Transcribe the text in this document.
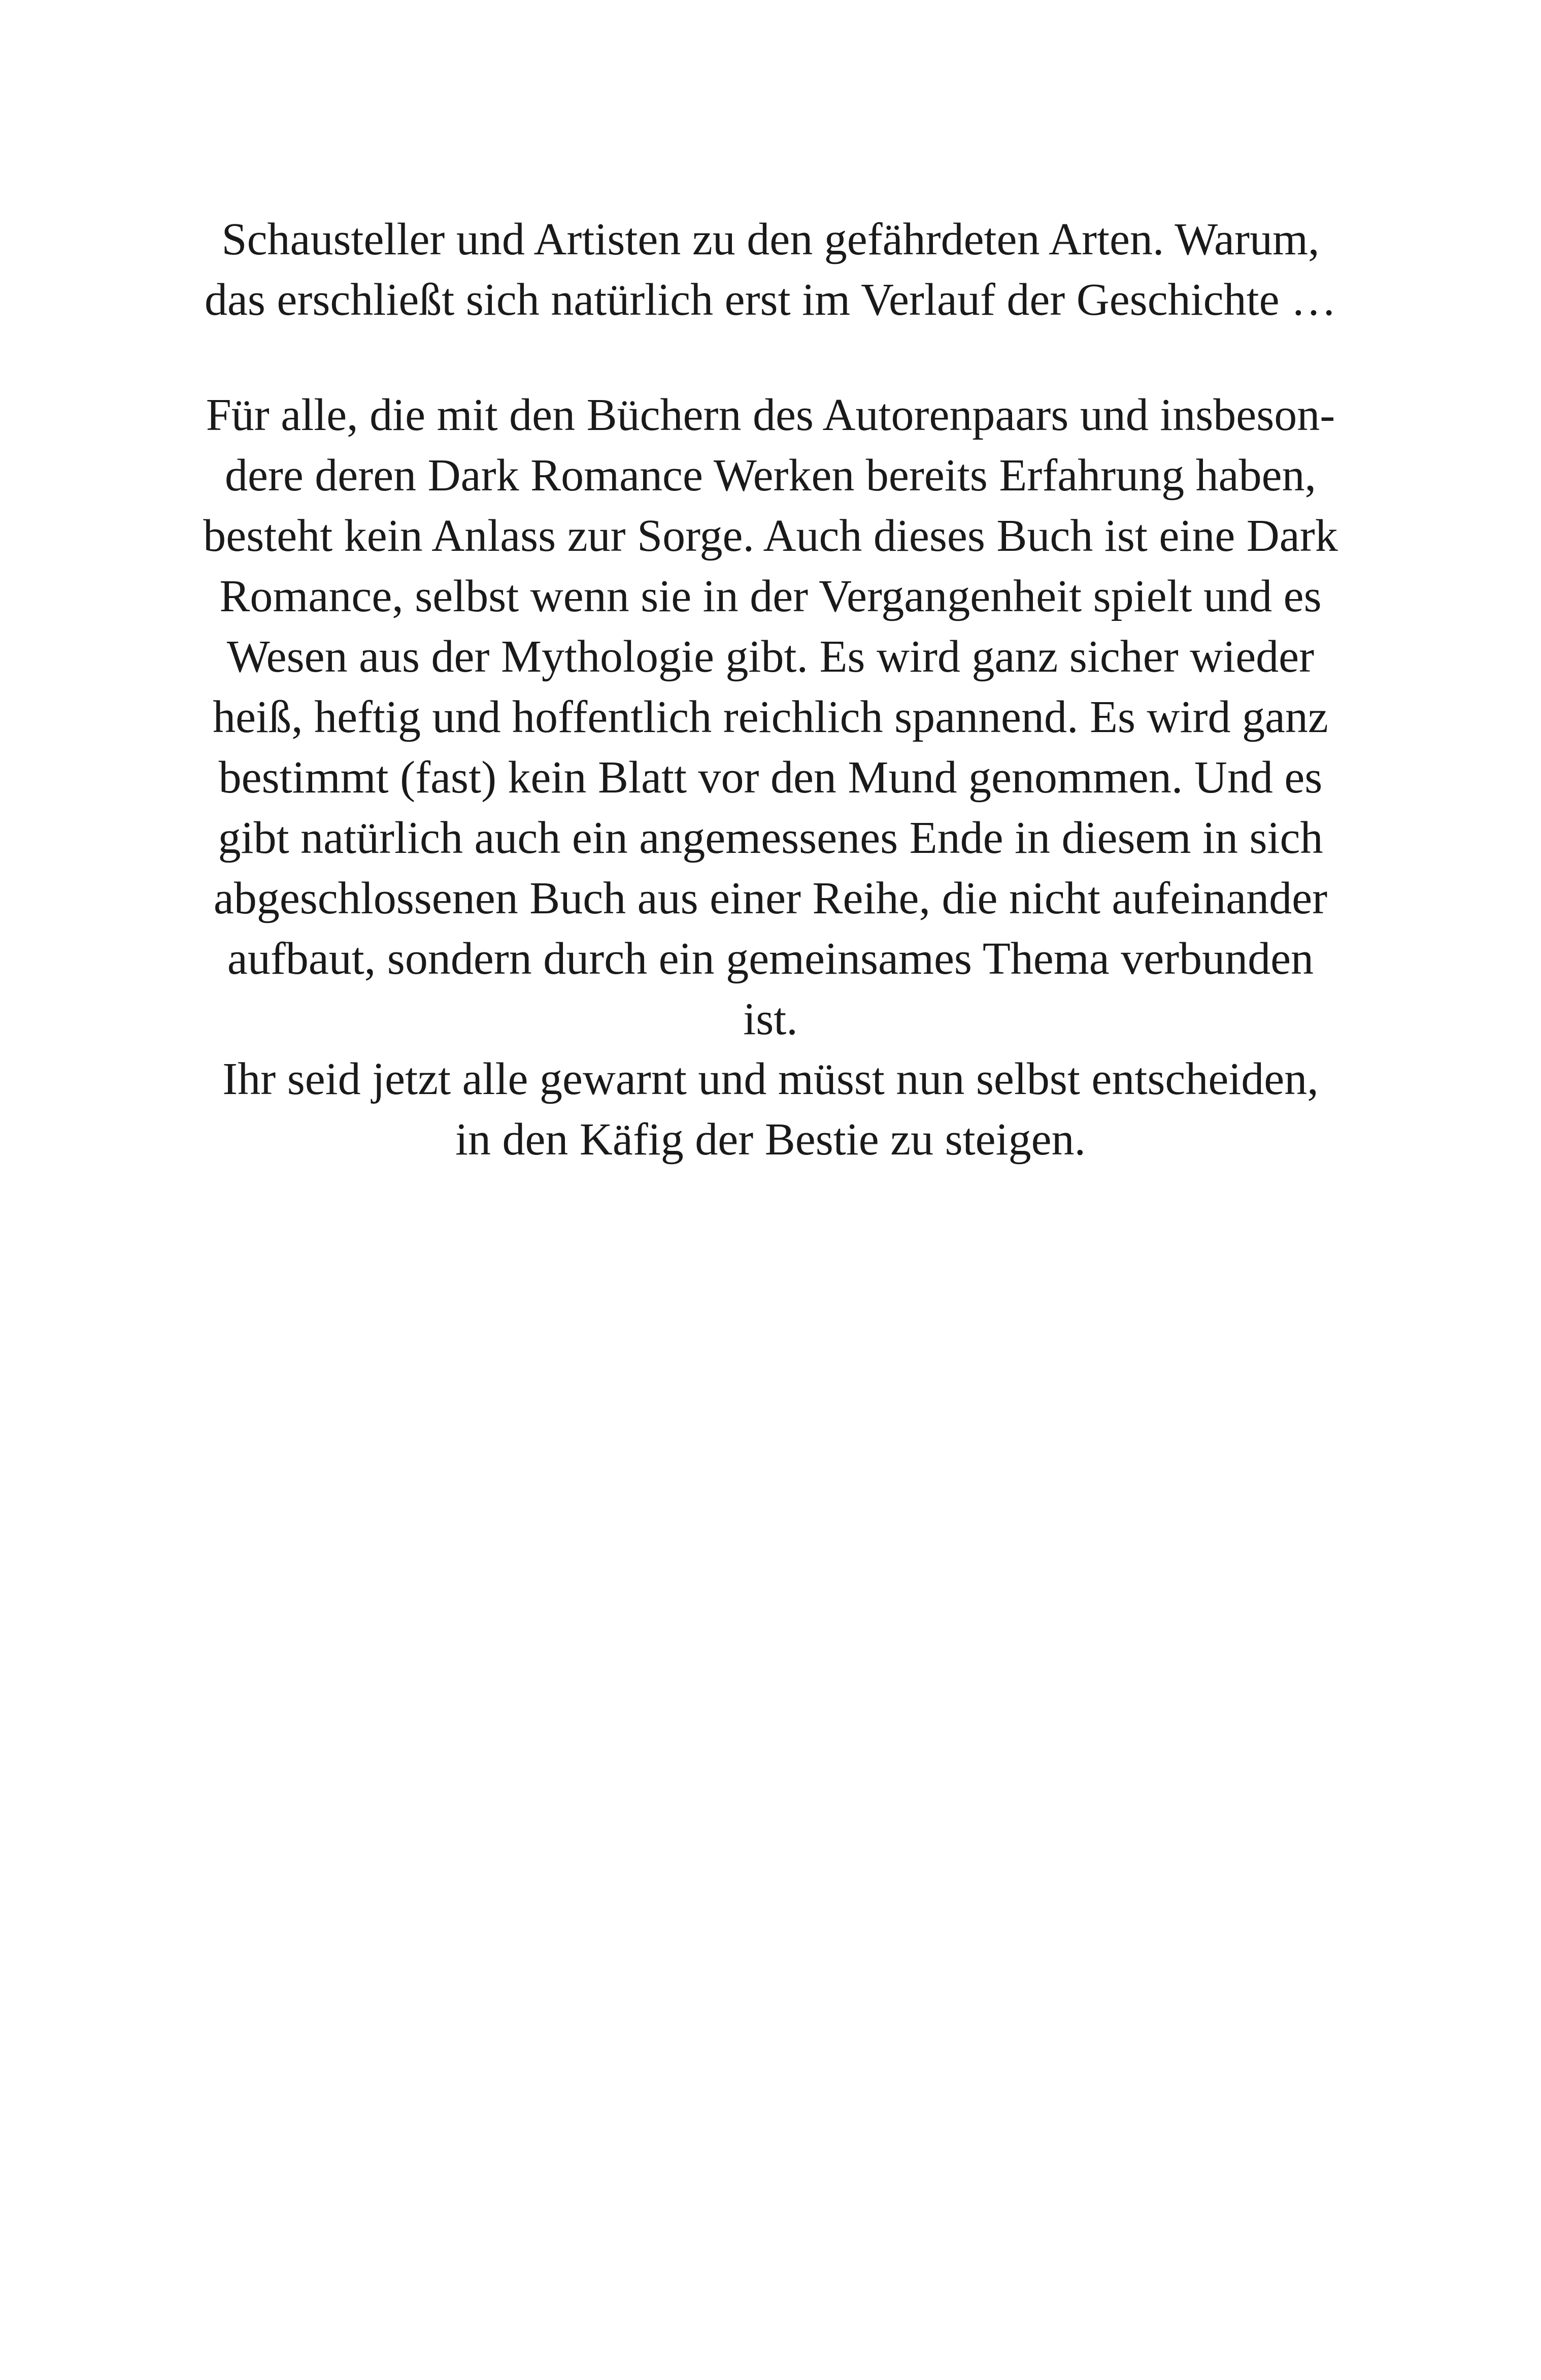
Schausteller und Artisten zu den gefährdeten Arten. Warum,
das erschließt sich natürlich erst im Verlauf der Geschichte …
Für alle, die mit den Büchern des Autorenpaars und insbeson-
dere deren Dark Romance Werken bereits Erfahrung haben,
besteht kein Anlass zur Sorge. Auch dieses Buch ist eine Dark
Romance, selbst wenn sie in der Vergangenheit spielt und es
Wesen aus der Mythologie gibt. Es wird ganz sicher wieder
heiß, heftig und hoffentlich reichlich spannend. Es wird ganz
bestimmt (fast) kein Blatt vor den Mund genommen. Und es
gibt natürlich auch ein angemessenes Ende in diesem in sich
abgeschlossenen Buch aus einer Reihe, die nicht aufeinander
aufbaut, sondern durch ein gemeinsames Thema verbunden
ist.
Ihr seid jetzt alle gewarnt und müsst nun selbst entscheiden,
in den Käfig der Bestie zu steigen.
